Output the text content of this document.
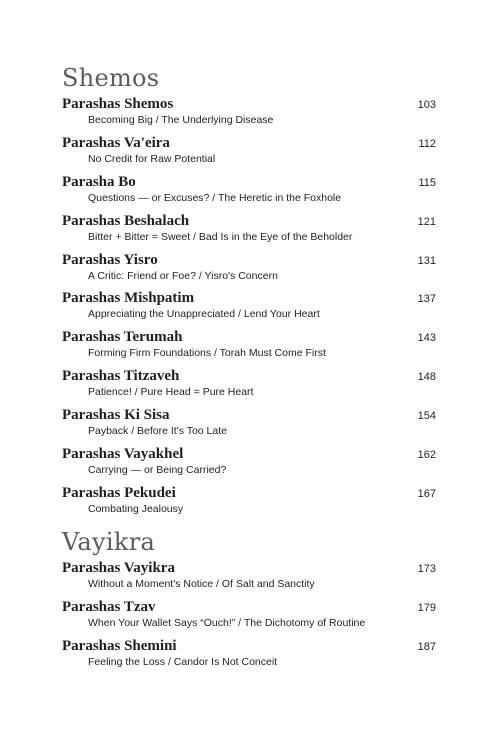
Shemos
Parashas Shemos
Becoming Big / The Underlying Disease
103
Parashas Va'eira
No Credit for Raw Potential
112
Parasha Bo
Questions — or Excuses? / The Heretic in the Foxhole
115
Parashas Beshalach
Bitter + Bitter = Sweet / Bad Is in the Eye of the Beholder
121
Parashas Yisro
A Critic: Friend or Foe? / Yisro's Concern
131
Parashas Mishpatim
Appreciating the Unappreciated / Lend Your Heart
137
Parashas Terumah
Forming Firm Foundations / Torah Must Come First
143
Parashas Titzaveh
Patience! / Pure Head = Pure Heart
148
Parashas Ki Sisa
Payback / Before It's Too Late
154
Parashas Vayakhel
Carrying — or Being Carried?
162
Parashas Pekudei
Combating Jealousy
167
Vayikra
Parashas Vayikra
Without a Moment's Notice / Of Salt and Sanctity
173
Parashas Tzav
When Your Wallet Says “Ouch!” / The Dichotomy of Routine
179
Parashas Shemini
Feeling the Loss / Candor Is Not Conceit
187
